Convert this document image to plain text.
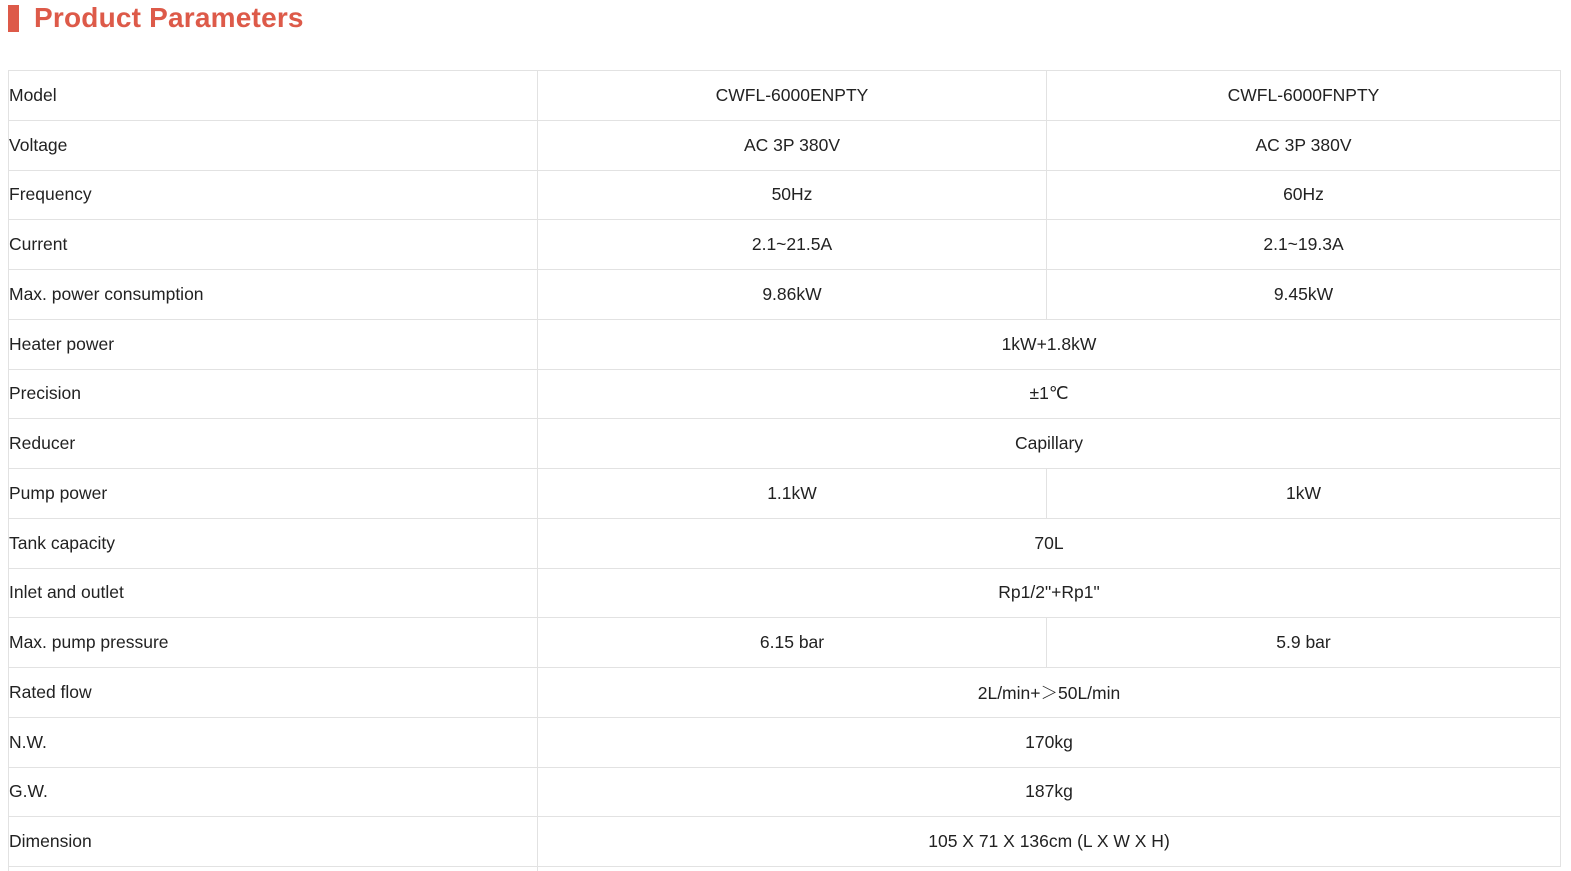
Product Parameters
Model	CWFL-6000ENPTY	CWFL-6000FNPTY
Voltage	AC 3P 380V	AC 3P 380V
Frequency	50Hz	60Hz
Current	2.1~21.5A	2.1~19.3A
Max. power consumption	9.86kW	9.45kW
Heater power	1kW+1.8kW	
Precision	±1℃	
Reducer	Capillary	
Pump power	1.1kW	1kW
Tank capacity	70L	
Inlet and outlet	Rp1/2"+Rp1"	
Max. pump pressure	6.15 bar	5.9 bar
Rated flow	2L/min+＞50L/min	
N.W.	170kg	
G.W.	187kg	
Dimension	105 X 71 X 136cm (L X W X H)	
